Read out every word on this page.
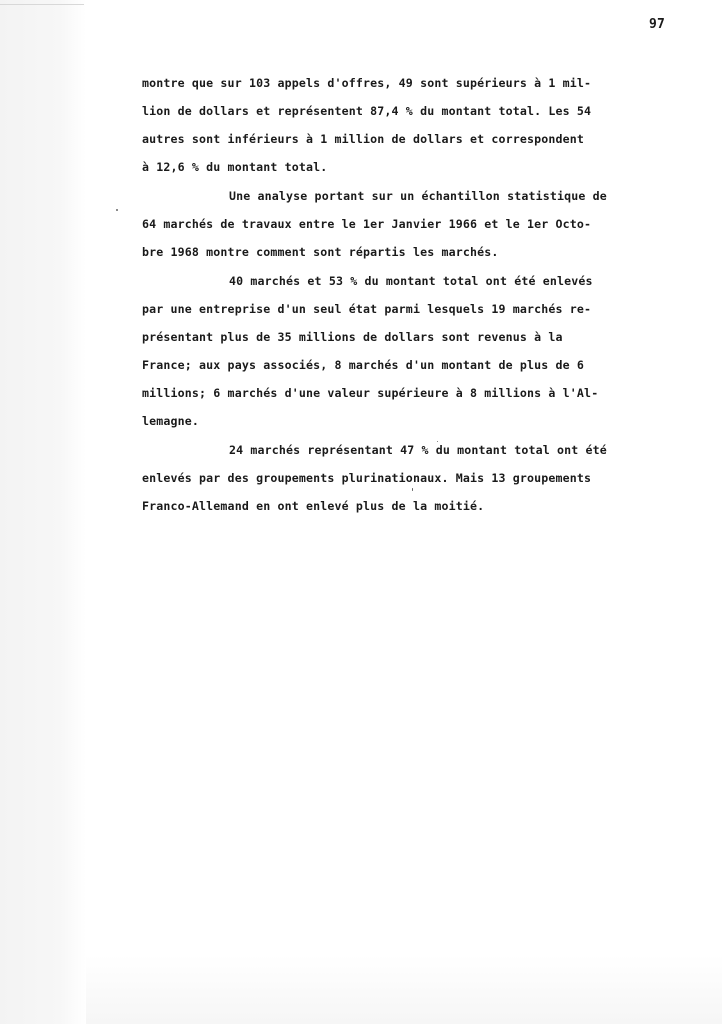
97
montre que sur 103 appels d'offres, 49 sont supérieurs à 1 mil-
lion de dollars et représentent 87,4 % du montant total. Les 54
autres sont inférieurs à 1 million de dollars et correspondent
à 12,6 % du montant total.
Une analyse portant sur un échantillon statistique de
64 marchés de travaux entre le 1er Janvier 1966 et le 1er Octo-
bre 1968 montre comment sont répartis les marchés.
40 marchés et 53 % du montant total ont été enlevés
par une entreprise d'un seul état parmi lesquels 19 marchés re-
présentant plus de 35 millions de dollars sont revenus à la
France; aux pays associés, 8 marchés d'un montant de plus de 6
millions; 6 marchés d'une valeur supérieure à 8 millions à l'Al-
lemagne.
24 marchés représentant 47 % du montant total ont été
enlevés par des groupements plurinationaux. Mais 13 groupements
Franco-Allemand en ont enlevé plus de la moitié.
